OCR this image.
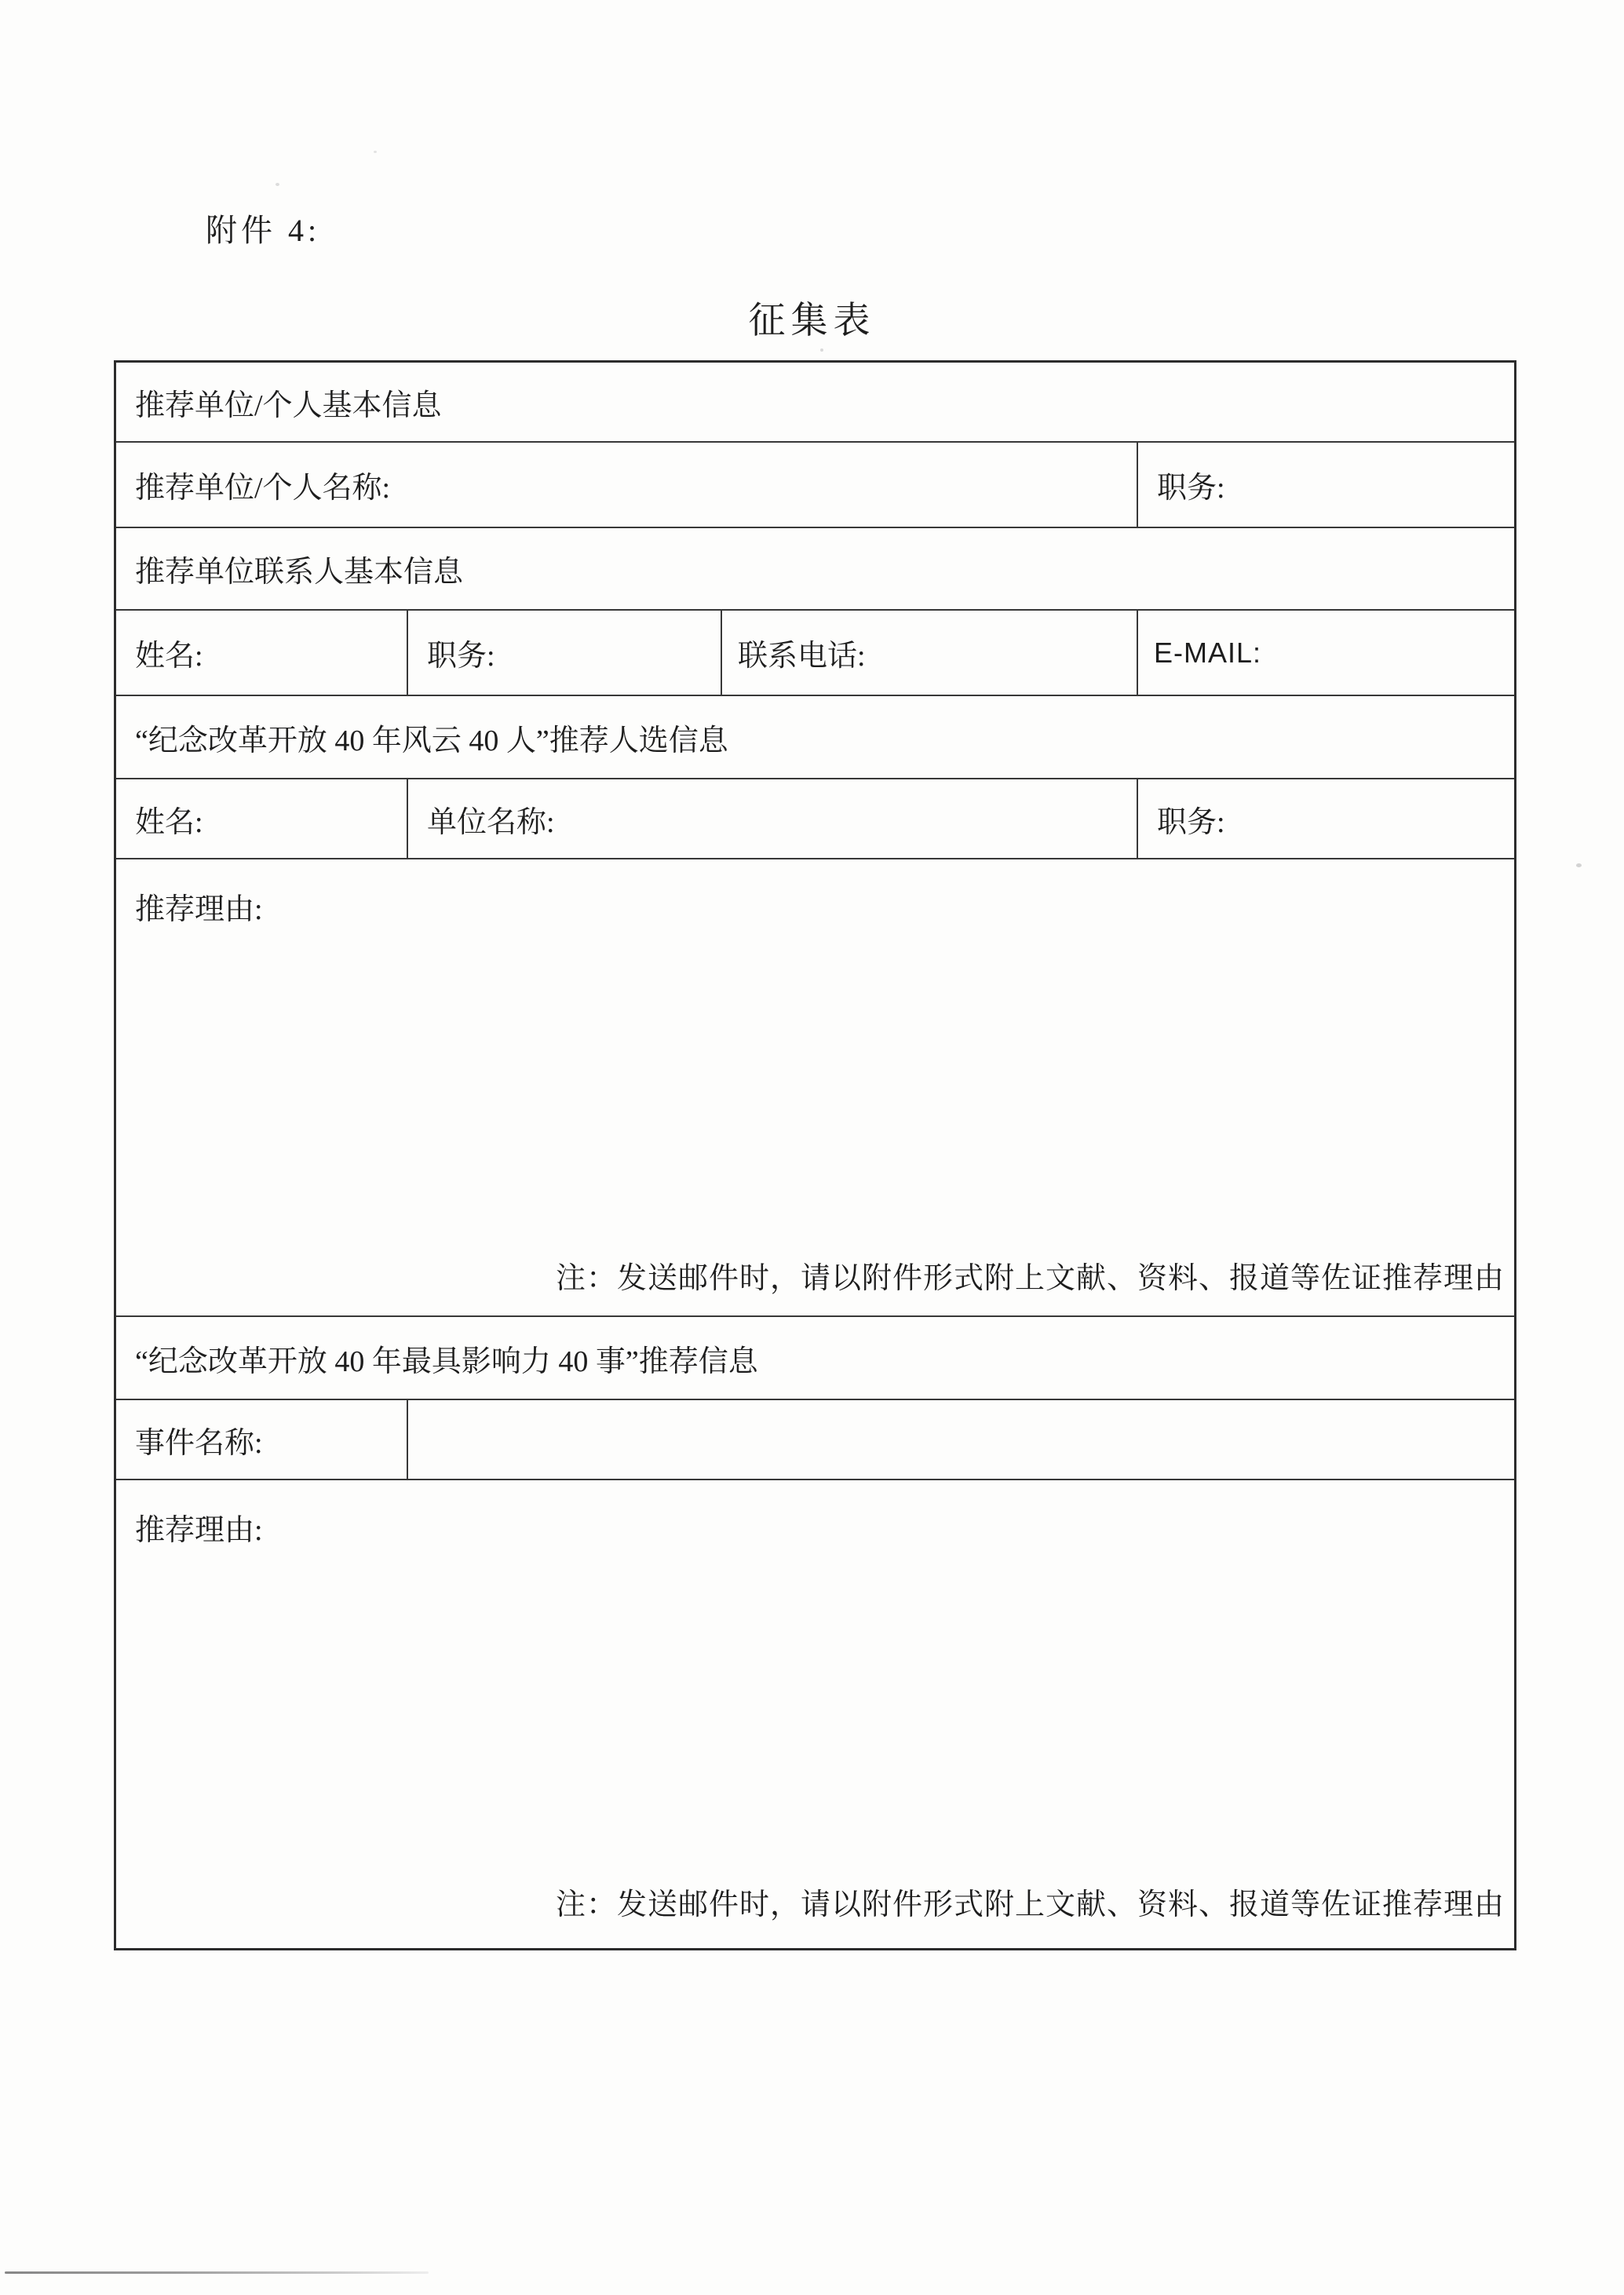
附件 4:
征集表
推荐单位/个人基本信息
推荐单位/个人名称:	职务:
推荐单位联系人基本信息
姓名:	职务:	联系电话:	E-MAIL:
“纪念改革开放 40 年风云 40 人”推荐人选信息
姓名:	单位名称:	职务:
推荐理由:
注：发送邮件时，请以附件形式附上文献、资料、报道等佐证推荐理由
“纪念改革开放 40 年最具影响力 40 事”推荐信息
事件名称:
推荐理由:
注：发送邮件时，请以附件形式附上文献、资料、报道等佐证推荐理由
